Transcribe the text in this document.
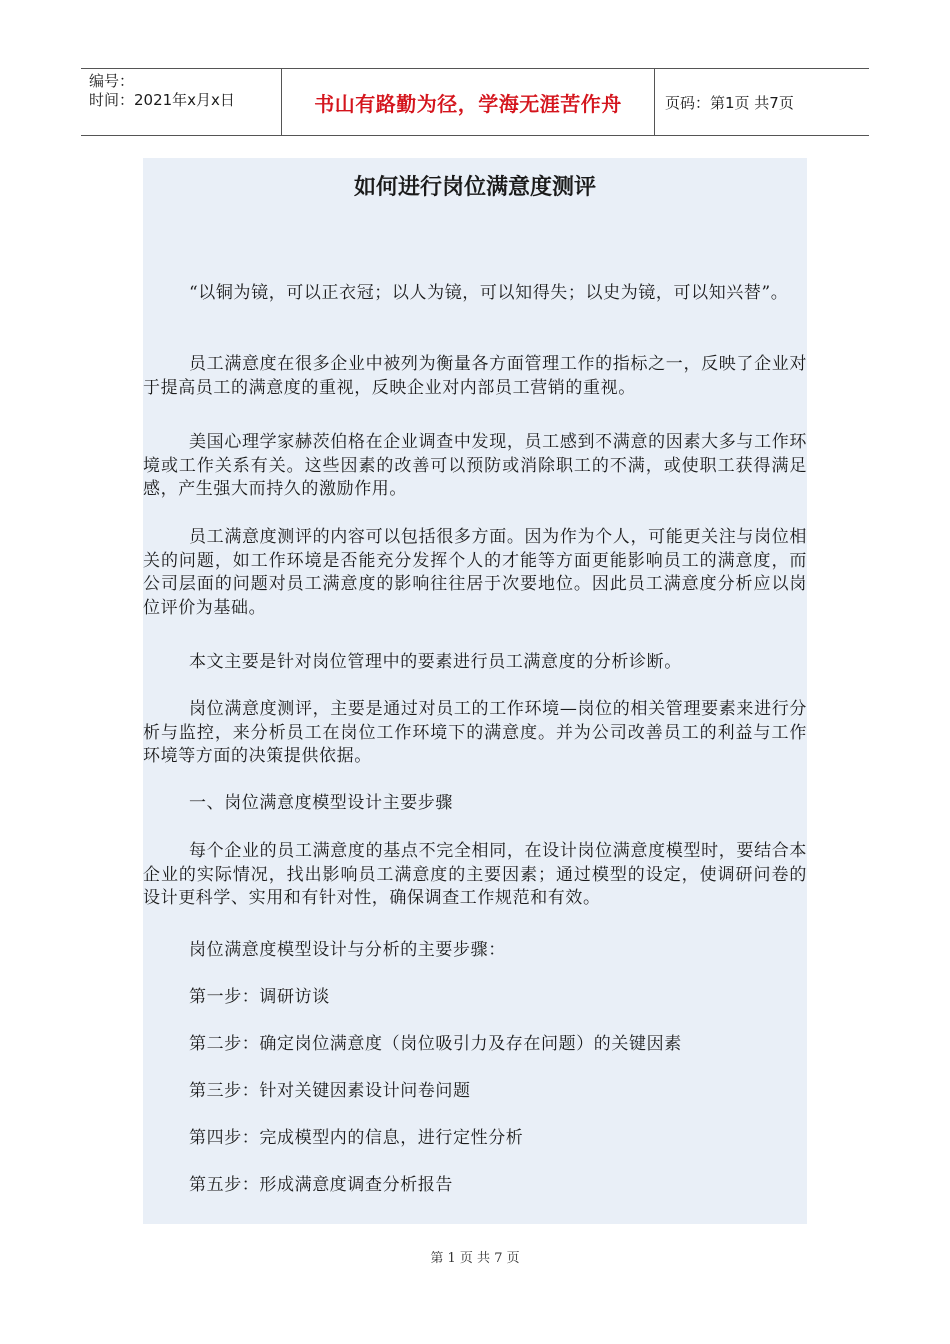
编号：
时间：2021年x月x日	书山有路勤为径，学海无涯苦作舟	页码：第1页 共7页
如何进行岗位满意度测评

“以铜为镜，可以正衣冠；以人为镜，可以知得失；以史为镜，可以知兴替”。

员工满意度在很多企业中被列为衡量各方面管理工作的指标之一，反映了企业对于提高员工的满意度的重视，反映企业对内部员工营销的重视。

美国心理学家赫茨伯格在企业调查中发现，员工感到不满意的因素大多与工作环境或工作关系有关。这些因素的改善可以预防或消除职工的不满，或使职工获得满足感，产生强大而持久的激励作用。

员工满意度测评的内容可以包括很多方面。因为作为个人，可能更关注与岗位相关的问题，如工作环境是否能充分发挥个人的才能等方面更能影响员工的满意度，而公司层面的问题对员工满意度的影响往往居于次要地位。因此员工满意度分析应以岗位评价为基础。

本文主要是针对岗位管理中的要素进行员工满意度的分析诊断。

岗位满意度测评，主要是通过对员工的工作环境—岗位的相关管理要素来进行分析与监控，来分析员工在岗位工作环境下的满意度。并为公司改善员工的利益与工作环境等方面的决策提供依据。

一、岗位满意度模型设计主要步骤

每个企业的员工满意度的基点不完全相同，在设计岗位满意度模型时，要结合本企业的实际情况，找出影响员工满意度的主要因素；通过模型的设定，使调研问卷的设计更科学、实用和有针对性，确保调查工作规范和有效。

岗位满意度模型设计与分析的主要步骤：

第一步：调研访谈

第二步：确定岗位满意度（岗位吸引力及存在问题）的关键因素

第三步：针对关键因素设计问卷问题

第四步：完成模型内的信息，进行定性分析

第五步：形成满意度调查分析报告

第 1 页 共 7 页
